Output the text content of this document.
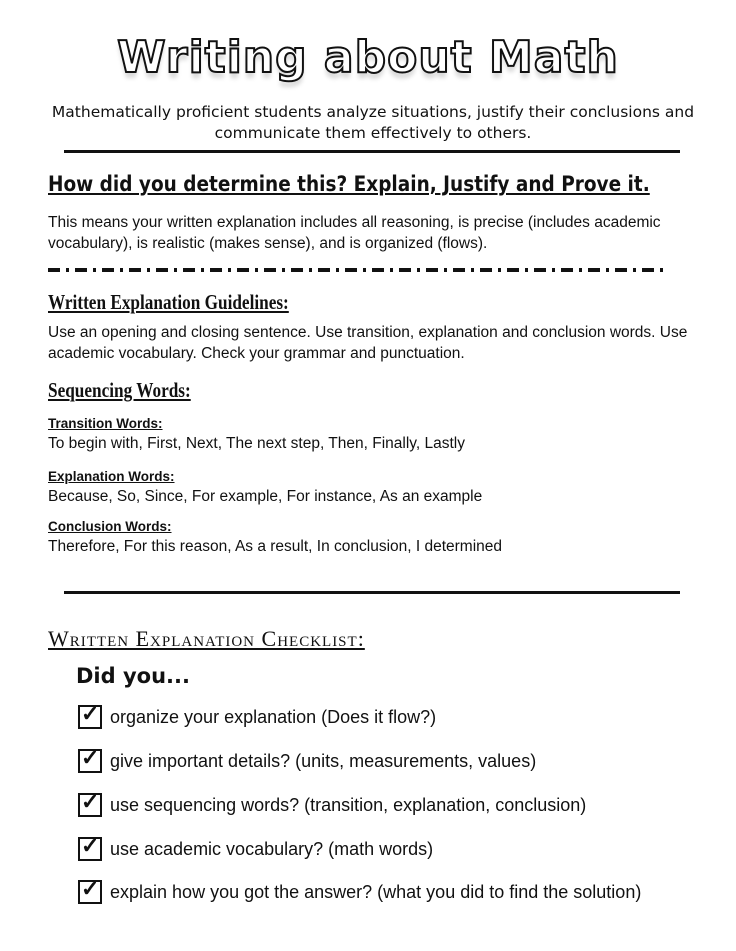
Writing about Math
Mathematically proficient students analyze situations, justify their conclusions and communicate them effectively to others.
How did you determine this? Explain, Justify and Prove it.
This means your written explanation includes all reasoning, is precise (includes academic vocabulary), is realistic (makes sense), and is organized (flows).
Written Explanation Guidelines:
Use an opening and closing sentence. Use transition, explanation and conclusion words. Use academic vocabulary. Check your grammar and punctuation.
Sequencing Words:
Transition Words:
To begin with, First, Next, The next step, Then, Finally, Lastly
Explanation Words:
Because, So, Since, For example, For instance, As an example
Conclusion Words:
Therefore, For this reason, As a result, In conclusion, I determined
Written Explanation Checklist:
Did you...
✓ organize your explanation (Does it flow?)
✓ give important details? (units, measurements, values)
✓ use sequencing words? (transition, explanation, conclusion)
✓ use academic vocabulary? (math words)
✓ explain how you got the answer? (what you did to find the solution)
